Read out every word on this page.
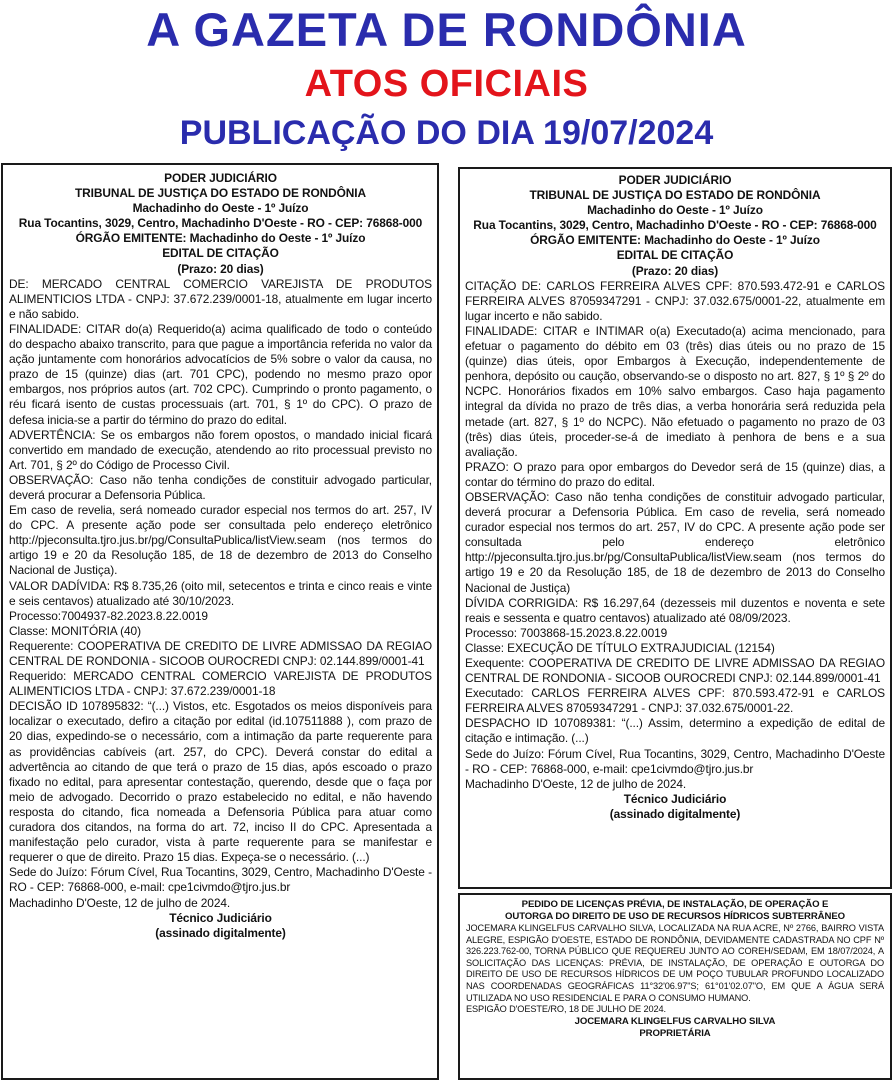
A GAZETA DE RONDÔNIA
ATOS OFICIAIS
PUBLICAÇÃO DO DIA 19/07/2024
PODER JUDICIÁRIO
TRIBUNAL DE JUSTIÇA DO ESTADO DE RONDÔNIA
Machadinho do Oeste - 1º Juízo
Rua Tocantins, 3029, Centro, Machadinho D'Oeste - RO - CEP: 76868-000
ÓRGÃO EMITENTE: Machadinho do Oeste - 1º Juízo
EDITAL DE CITAÇÃO
(Prazo: 20 dias)
DE: MERCADO CENTRAL COMERCIO VAREJISTA DE PRODUTOS ALIMENTICIOS LTDA - CNPJ: 37.672.239/0001-18, atualmente em lugar incerto e não sabido.
FINALIDADE: CITAR do(a) Requerido(a) acima qualificado de todo o conteúdo do despacho abaixo transcrito, para que pague a importância referida no valor da ação juntamente com honorários advocatícios de 5% sobre o valor da causa, no prazo de 15 (quinze) dias (art. 701 CPC), podendo no mesmo prazo opor embargos, nos próprios autos (art. 702 CPC). Cumprindo o pronto pagamento, o réu ficará isento de custas processuais (art. 701, § 1º do CPC). O prazo de defesa inicia-se a partir do término do prazo do edital.
ADVERTÊNCIA: Se os embargos não forem opostos, o mandado inicial ficará convertido em mandado de execução, atendendo ao rito processual previsto no Art. 701, § 2º do Código de Processo Civil.
OBSERVAÇÃO: Caso não tenha condições de constituir advogado particular, deverá procurar a Defensoria Pública.
Em caso de revelia, será nomeado curador especial nos termos do art. 257, IV do CPC. A presente ação pode ser consultada pelo endereço eletrônico http://pjeconsulta.tjro.jus.br/pg/ConsultaPublica/listView.seam (nos termos do artigo 19 e 20 da Resolução 185, de 18 de dezembro de 2013 do Conselho Nacional de Justiça).
VALOR DADÍVIDA: R$ 8.735,26 (oito mil, setecentos e trinta e cinco reais e vinte e seis centavos) atualizado até 30/10/2023.
Processo:7004937-82.2023.8.22.0019
Classe: MONITÓRIA (40)
Requerente: COOPERATIVA DE CREDITO DE LIVRE ADMISSAO DA REGIAO CENTRAL DE RONDONIA - SICOOB OUROCREDI CNPJ: 02.144.899/0001-41
Requerido: MERCADO CENTRAL COMERCIO VAREJISTA DE PRODUTOS ALIMENTICIOS LTDA - CNPJ: 37.672.239/0001-18
DECISÃO ID 107895832: “(...) Vistos, etc. Esgotados os meios disponíveis para localizar o executado, defiro a citação por edital (id.107511888 ), com prazo de 20 dias, expedindo-se o necessário, com a intimação da parte requerente para as providências cabíveis (art. 257, do CPC). Deverá constar do edital a advertência ao citando de que terá o prazo de 15 dias, após escoado o prazo fixado no edital, para apresentar contestação, querendo, desde que o faça por meio de advogado. Decorrido o prazo estabelecido no edital, e não havendo resposta do citando, fica nomeada a Defensoria Pública para atuar como curadora dos citandos, na forma do art. 72, inciso II do CPC. Apresentada a manifestação pelo curador, vista à parte requerente para se manifestar e requerer o que de direito. Prazo 15 dias. Expeça-se o necessário. (...)
Sede do Juízo: Fórum Cível, Rua Tocantins, 3029, Centro, Machadinho D'Oeste - RO - CEP: 76868-000, e-mail: cpe1civmdo@tjro.jus.br
Machadinho D'Oeste, 12 de julho de 2024.
Técnico Judiciário
(assinado digitalmente)
PODER JUDICIÁRIO
TRIBUNAL DE JUSTIÇA DO ESTADO DE RONDÔNIA
Machadinho do Oeste - 1º Juízo
Rua Tocantins, 3029, Centro, Machadinho D'Oeste - RO - CEP: 76868-000
ÓRGÃO EMITENTE: Machadinho do Oeste - 1º Juízo
EDITAL DE CITAÇÃO
(Prazo: 20 dias)
CITAÇÃO DE: CARLOS FERREIRA ALVES CPF: 870.593.472-91 e CARLOS FERREIRA ALVES 87059347291 - CNPJ: 37.032.675/0001-22, atualmente em lugar incerto e não sabido.
FINALIDADE: CITAR e INTIMAR o(a) Executado(a) acima mencionado, para efetuar o pagamento do débito em 03 (três) dias úteis ou no prazo de 15 (quinze) dias úteis, opor Embargos à Execução, independentemente de penhora, depósito ou caução, observando-se o disposto no art. 827, § 1º § 2º do NCPC. Honorários fixados em 10% salvo embargos. Caso haja pagamento integral da dívida no prazo de três dias, a verba honorária será reduzida pela metade (art. 827, § 1º do NCPC). Não efetuado o pagamento no prazo de 03 (três) dias úteis, proceder-se-á de imediato à penhora de bens e a sua avaliação.
PRAZO: O prazo para opor embargos do Devedor será de 15 (quinze) dias, a contar do término do prazo do edital.
OBSERVAÇÃO: Caso não tenha condições de constituir advogado particular, deverá procurar a Defensoria Pública. Em caso de revelia, será nomeado curador especial nos termos do art. 257, IV do CPC. A presente ação pode ser consultada pelo endereço eletrônico http://pjeconsulta.tjro.jus.br/pg/ConsultaPublica/listView.seam (nos termos do artigo 19 e 20 da Resolução 185, de 18 de dezembro de 2013 do Conselho Nacional de Justiça)
DÍVIDA CORRIGIDA: R$ 16.297,64 (dezesseis mil duzentos e noventa e sete reais e sessenta e quatro centavos) atualizado até 08/09/2023.
Processo: 7003868-15.2023.8.22.0019
Classe: EXECUÇÃO DE TÍTULO EXTRAJUDICIAL (12154)
Exequente: COOPERATIVA DE CREDITO DE LIVRE ADMISSAO DA REGIAO CENTRAL DE RONDONIA - SICOOB OUROCREDI CNPJ: 02.144.899/0001-41
Executado: CARLOS FERREIRA ALVES CPF: 870.593.472-91 e CARLOS FERREIRA ALVES 87059347291 - CNPJ: 37.032.675/0001-22.
DESPACHO ID 107089381: “(...) Assim, determino a expedição de edital de citação e intimação. (...)
Sede do Juízo: Fórum Cível, Rua Tocantins, 3029, Centro, Machadinho D'Oeste - RO - CEP: 76868-000, e-mail: cpe1civmdo@tjro.jus.br
Machadinho D'Oeste, 12 de julho de 2024.
Técnico Judiciário
(assinado digitalmente)
PEDIDO DE LICENÇAS PRÉVIA, DE INSTALAÇÃO, DE OPERAÇÃO E
OUTORGA DO DIREITO DE USO DE RECURSOS HÍDRICOS SUBTERRÂNEO
JOCEMARA KLINGELFUS CARVALHO SILVA, LOCALIZADA NA RUA ACRE, Nº 2766, BAIRRO VISTA ALEGRE, ESPIGÃO D'OESTE, ESTADO DE RONDÔNIA, DEVIDAMENTE CADASTRADA NO CPF Nº 326.223.762-00, TORNA PÚBLICO QUE REQUEREU JUNTO AO COREH/SEDAM, EM 18/07/2024, A SOLICITAÇÃO DAS LICENÇAS: PRÉVIA, DE INSTALAÇÃO, DE OPERAÇÃO E OUTORGA DO DIREITO DE USO DE RECURSOS HÍDRICOS DE UM POÇO TUBULAR PROFUNDO LOCALIZADO NAS COORDENADAS GEOGRÁFICAS 11°32'06.97"S; 61°01'02.07"O, EM QUE A ÁGUA SERÁ UTILIZADA NO USO RESIDENCIAL E PARA O CONSUMO HUMANO.
ESPIGÃO D'OESTE/RO, 18 DE JULHO DE 2024.
JOCEMARA KLINGELFUS CARVALHO SILVA
PROPRIETÁRIA
